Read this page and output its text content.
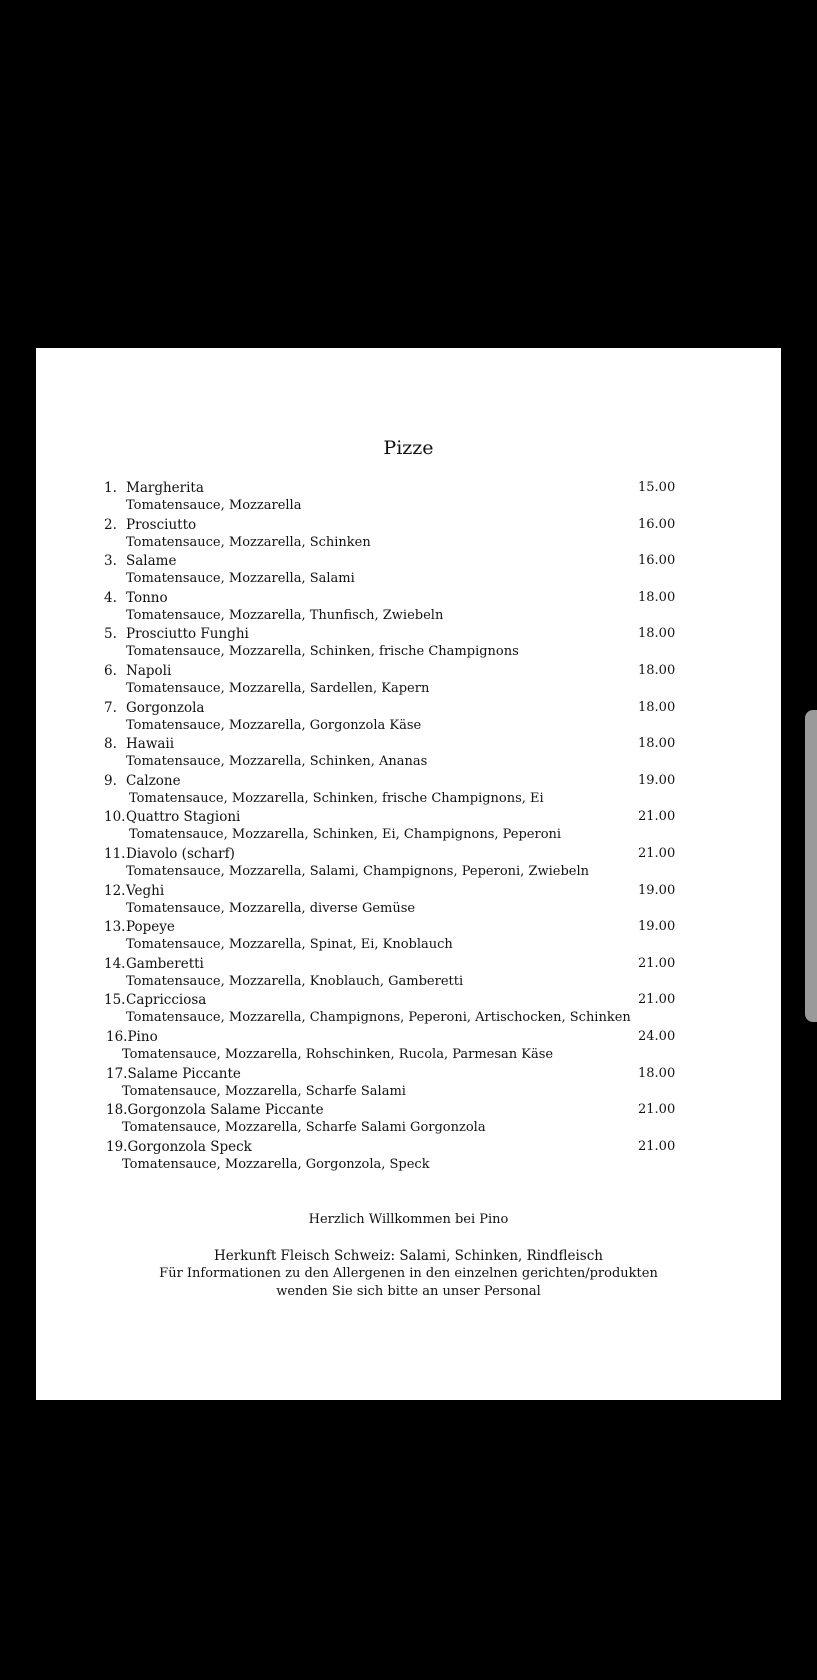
Pizze
1. Margherita	15.00
Tomatensauce, Mozzarella
2. Prosciutto	16.00
Tomatensauce, Mozzarella, Schinken
3. Salame	16.00
Tomatensauce, Mozzarella, Salami
4. Tonno	18.00
Tomatensauce, Mozzarella, Thunfisch, Zwiebeln
5. Prosciutto Funghi	18.00
Tomatensauce, Mozzarella, Schinken, frische Champignons
6. Napoli	18.00
Tomatensauce, Mozzarella, Sardellen, Kapern
7. Gorgonzola	18.00
Tomatensauce, Mozzarella, Gorgonzola Käse
8. Hawaii	18.00
Tomatensauce, Mozzarella, Schinken, Ananas
9. Calzone	19.00
Tomatensauce, Mozzarella, Schinken, frische Champignons, Ei
10. Quattro Stagioni	21.00
Tomatensauce, Mozzarella, Schinken, Ei, Champignons, Peperoni
11. Diavolo (scharf)	21.00
Tomatensauce, Mozzarella, Salami, Champignons, Peperoni, Zwiebeln
12. Veghi	19.00
Tomatensauce, Mozzarella, diverse Gemüse
13. Popeye	19.00
Tomatensauce, Mozzarella, Spinat, Ei, Knoblauch
14. Gamberetti	21.00
Tomatensauce, Mozzarella, Knoblauch, Gamberetti
15. Capricciosa	21.00
Tomatensauce, Mozzarella, Champignons, Peperoni, Artischocken, Schinken
16.Pino	24.00
Tomatensauce, Mozzarella, Rohschinken, Rucola, Parmesan Käse
17.Salame Piccante	18.00
Tomatensauce, Mozzarella, Scharfe Salami
18.Gorgonzola Salame Piccante	21.00
Tomatensauce, Mozzarella, Scharfe Salami Gorgonzola
19.Gorgonzola Speck	21.00
Tomatensauce, Mozzarella, Gorgonzola, Speck
Herzlich Willkommen bei Pino
Herkunft Fleisch Schweiz: Salami, Schinken, Rindfleisch
Für Informationen zu den Allergenen in den einzelnen gerichten/produkten
wenden Sie sich bitte an unser Personal
